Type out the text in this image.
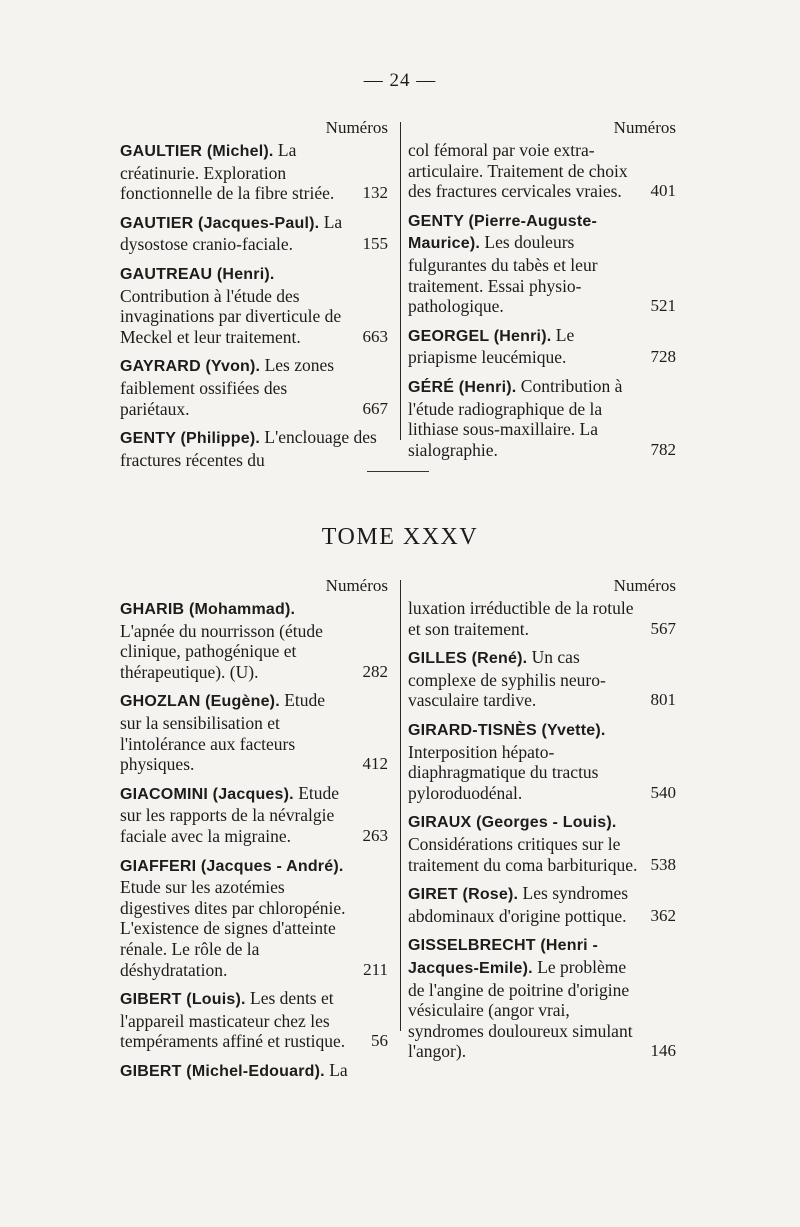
— 24 —
Numéros
GAULTIER (Michel). La créatinurie. Exploration fonctionnelle de la fibre striée.	132
GAUTIER (Jacques-Paul). La dysostose cranio-faciale.	155
GAUTREAU (Henri). Contribution à l'étude des invaginations par diverticule de Meckel et leur traitement.	663
GAYRARD (Yvon). Les zones faiblement ossifiées des pariétaux.	667
GENTY (Philippe). L'enclouage des fractures récentes du
Numéros
col fémoral par voie extra-articulaire. Traitement de choix des fractures cervicales vraies.	401
GENTY (Pierre-Auguste-Maurice). Les douleurs fulgurantes du tabès et leur traitement. Essai physio-pathologique.	521
GEORGEL (Henri). Le priapisme leucémique.	728
GÉRÉ (Henri). Contribution à l'étude radiographique de la lithiase sous-maxillaire. La sialographie.	782
TOME XXXV
Numéros
GHARIB (Mohammad). L'apnée du nourrisson (étude clinique, pathogénique et thérapeutique). (U).	282
GHOZLAN (Eugène). Etude sur la sensibilisation et l'intolérance aux facteurs physiques.	412
GIACOMINI (Jacques). Etude sur les rapports de la névralgie faciale avec la migraine.	263
GIAFFERI (Jacques - André). Etude sur les azotémies digestives dites par chloropénie. L'existence de signes d'atteinte rénale. Le rôle de la déshydratation.	211
GIBERT (Louis). Les dents et l'appareil masticateur chez les tempéraments affiné et rustique.	56
GIBERT (Michel-Edouard). La
Numéros
luxation irréductible de la rotule et son traitement.	567
GILLES (René). Un cas complexe de syphilis neuro-vasculaire tardive.	801
GIRARD-TISNÈS (Yvette). Interposition hépato-diaphragmatique du tractus pyloroduodénal.	540
GIRAUX (Georges - Louis). Considérations critiques sur le traitement du coma barbiturique. 538
GIRET (Rose). Les syndromes abdominaux d'origine pottique.	362
GISSELBRECHT (Henri - Jacques-Emile). Le problème de l'angine de poitrine d'origine vésiculaire (angor vrai, syndromes douloureux simulant l'angor).	146
